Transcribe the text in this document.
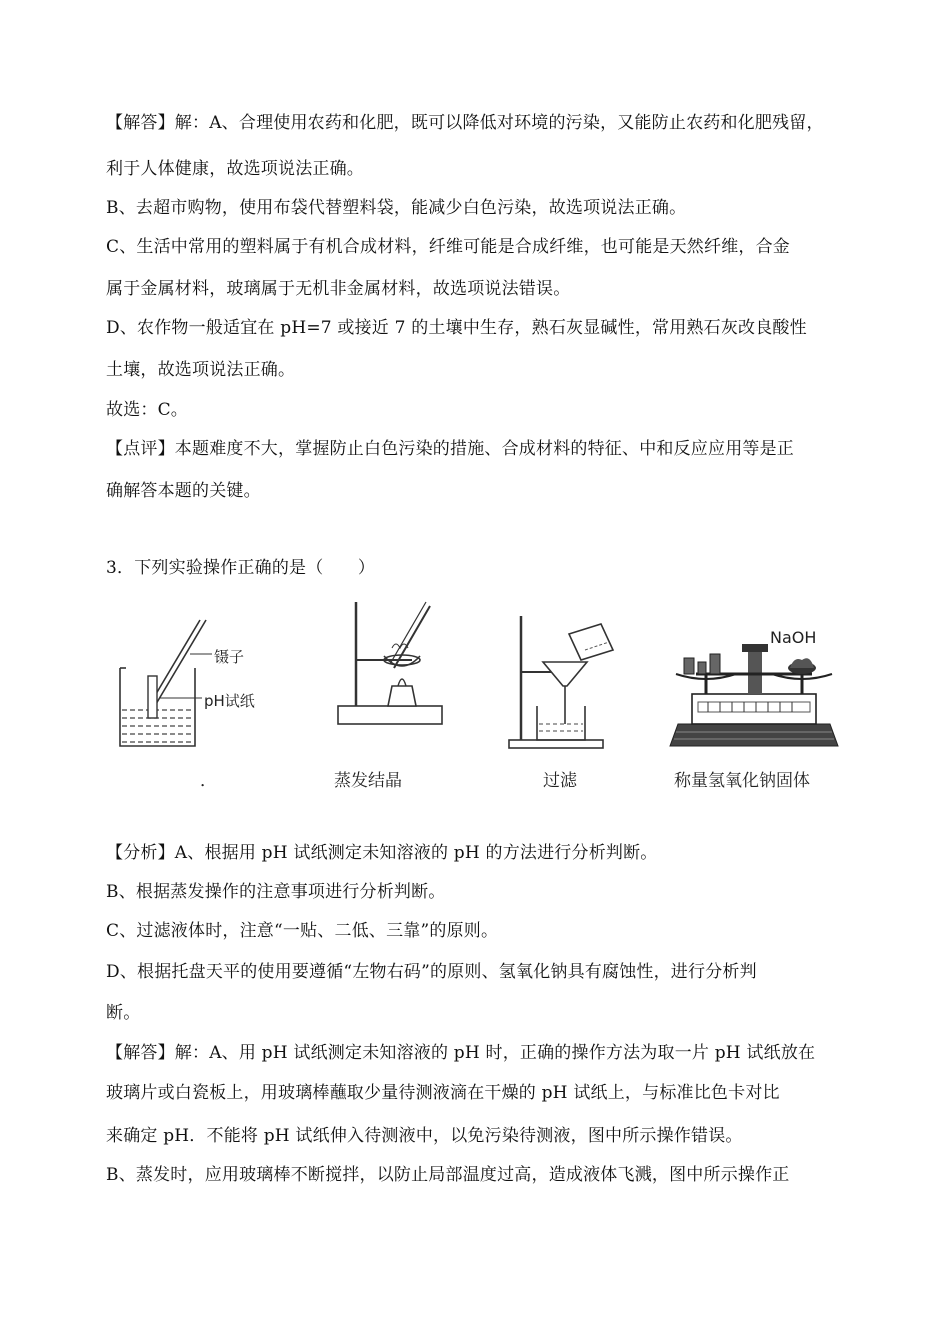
【解答】解：A、合理使用农药和化肥，既可以降低对环境的污染，又能防止农药和化肥残留，
利于人体健康，故选项说法正确。
B、去超市购物，使用布袋代替塑料袋，能减少白色污染，故选项说法正确。
C、生活中常用的塑料属于有机合成材料，纤维可能是合成纤维，也可能是天然纤维，合金
属于金属材料，玻璃属于无机非金属材料，故选项说法错误。
D、农作物一般适宜在 pH=7 或接近 7 的土壤中生存，熟石灰显碱性，常用熟石灰改良酸性
土壤，故选项说法正确。
故选：C。
【点评】本题难度不大，掌握防止白色污染的措施、合成材料的特征、中和反应应用等是正
确解答本题的关键。
3．下列实验操作正确的是（　　）
镊子
pH试纸
．	蒸发结晶	过滤
NaOH
称量氢氧化钠固体
【分析】A、根据用 pH 试纸测定未知溶液的 pH 的方法进行分析判断。
B、根据蒸发操作的注意事项进行分析判断。
C、过滤液体时，注意“一贴、二低、三靠”的原则。
D、根据托盘天平的使用要遵循“左物右码”的原则、氢氧化钠具有腐蚀性，进行分析判
断。
【解答】解：A、用 pH 试纸测定未知溶液的 pH 时，正确的操作方法为取一片 pH 试纸放在
玻璃片或白瓷板上，用玻璃棒蘸取少量待测液滴在干燥的 pH 试纸上，与标准比色卡对比
来确定 pH．不能将 pH 试纸伸入待测液中，以免污染待测液，图中所示操作错误。
B、蒸发时，应用玻璃棒不断搅拌，以防止局部温度过高，造成液体飞溅，图中所示操作正
